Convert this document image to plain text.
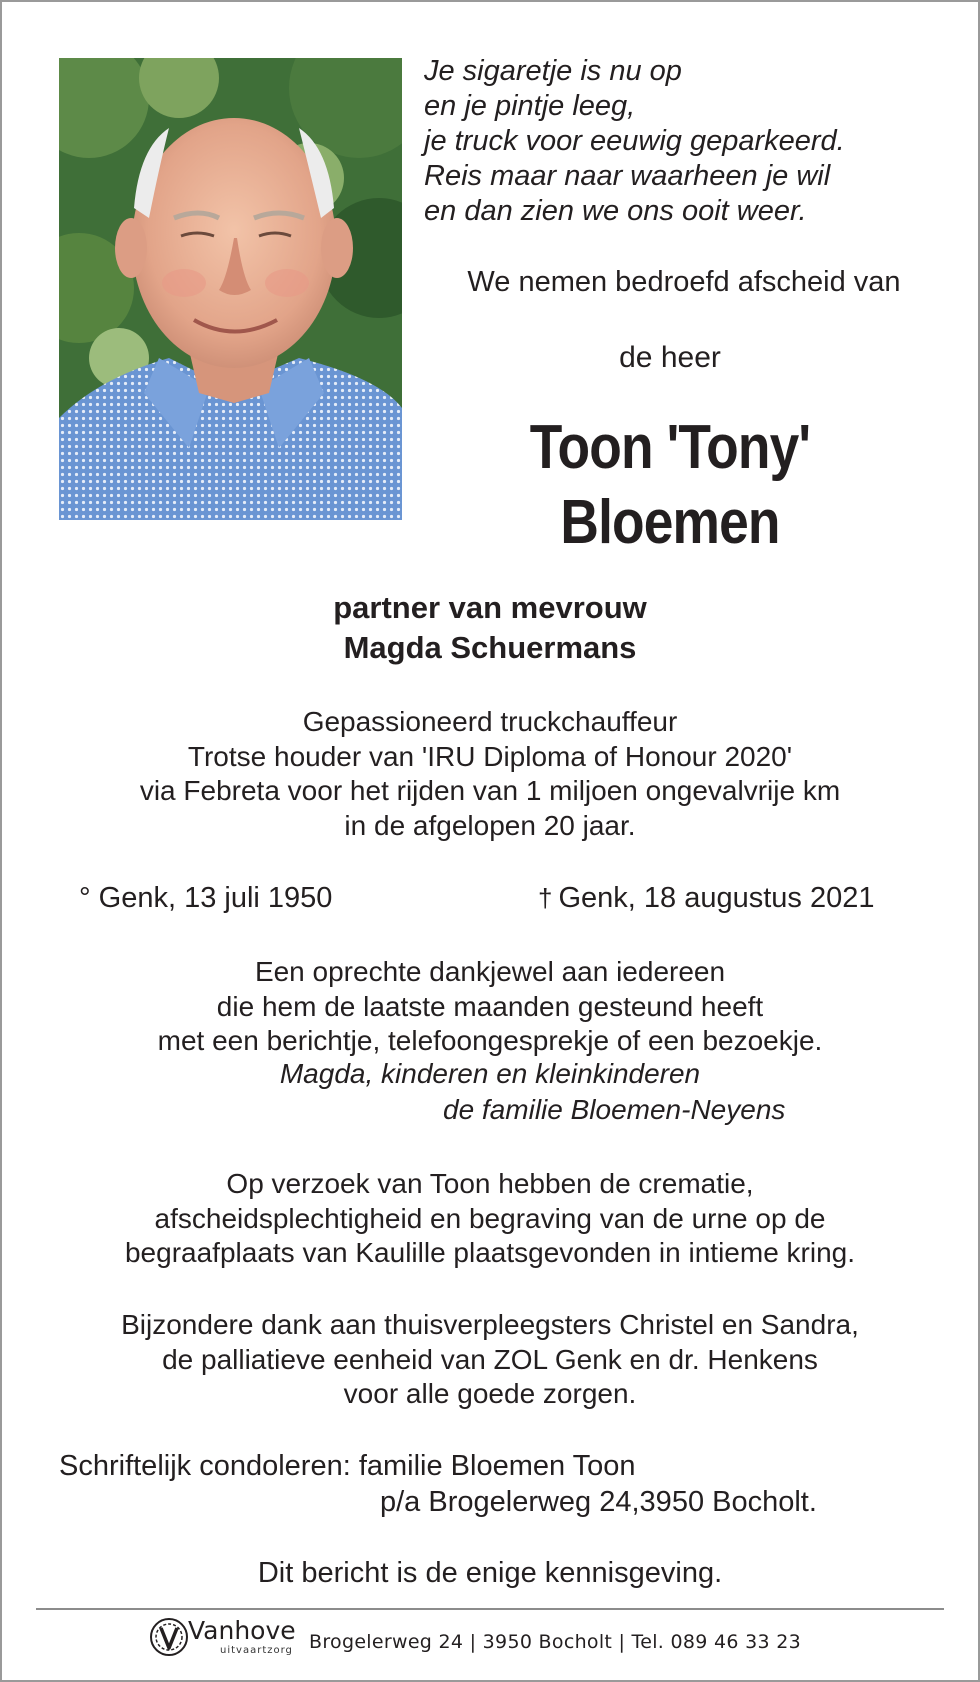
Je sigaretje is nu op
en je pintje leeg,
je truck voor eeuwig geparkeerd.
Reis maar naar waarheen je wil
en dan zien we ons ooit weer.

We nemen bedroefd afscheid van

de heer

Toon 'Tony'
Bloemen
partner van mevrouw
Magda Schuermans
Gepassioneerd truckchauffeur
Trotse houder van 'IRU Diploma of Honour 2020'
via Febreta voor het rijden van 1 miljoen ongevalvrije km
in de afgelopen 20 jaar.

° Genk, 13 juli 1950	† Genk, 18 augustus 2021

Een oprechte dankjewel aan iedereen
die hem de laatste maanden gesteund heeft
met een berichtje, telefoongesprekje of een bezoekje.

Magda, kinderen en kleinkinderen

de familie Bloemen-Neyens

Op verzoek van Toon hebben de crematie,
afscheidsplechtigheid en begraving van de urne op de
begraafplaats van Kaulille plaatsgevonden in intieme kring.
Bijzondere dank aan thuisverpleegsters Christel en Sandra,
de palliatieve eenheid van ZOL Genk en dr. Henkens
voor alle goede zorgen.

Schriftelijk condoleren: familie Bloemen Toon

p/a Brogelerweg 24,3950 Bocholt.

Dit bericht is de enige kennisgeving.

Vanhove
uitvaartzorg Brogelerweg 24 | 3950 Bocholt | Tel. 089 46 33 23
